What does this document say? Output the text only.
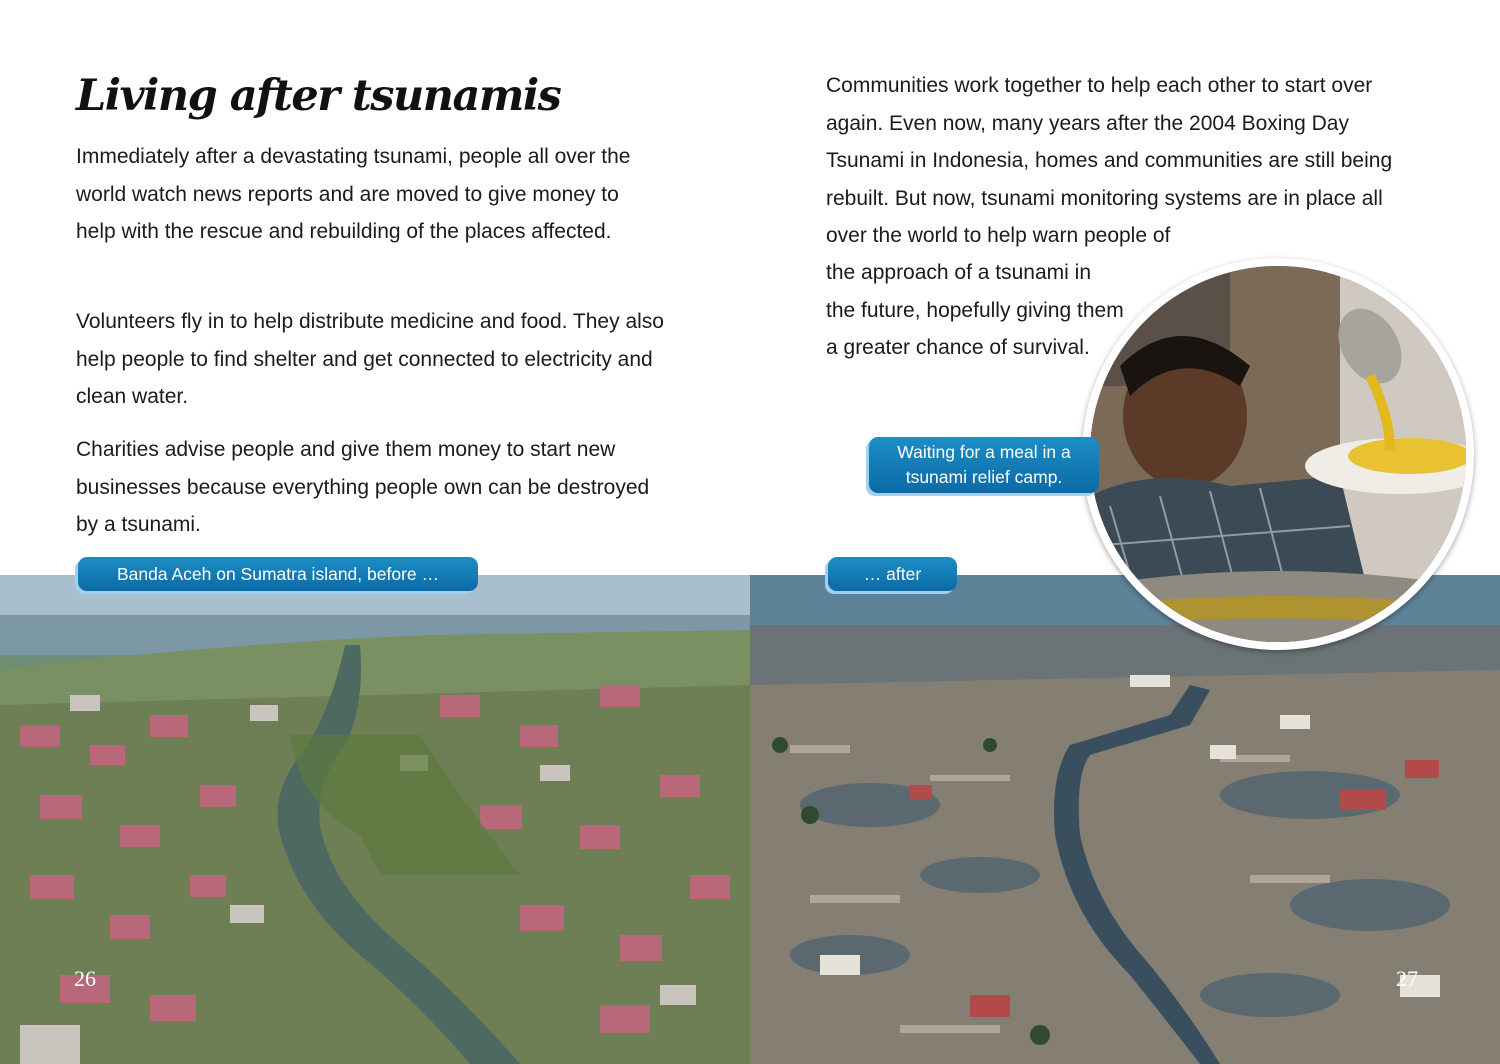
Living after tsunamis

Immediately after a devastating tsunami, people all over the world watch news reports and are moved to give money to help with the rescue and rebuilding of the places affected.

Volunteers fly in to help distribute medicine and food. They also help people to find shelter and get connected to electricity and clean water.

Charities advise people and give them money to start new businesses because everything people own can be destroyed by a tsunami.

Communities work together to help each other to start over again. Even now, many years after the 2004 Boxing Day Tsunami in Indonesia, homes and communities are still being rebuilt. But now, tsunami monitoring systems are in place all over the world to help warn people of

the approach of a tsunami in the future, hopefully giving them a greater chance of survival.

Banda Aceh on Sumatra island, before …	… after
Waiting for a meal in a tsunami relief camp.
26	27
